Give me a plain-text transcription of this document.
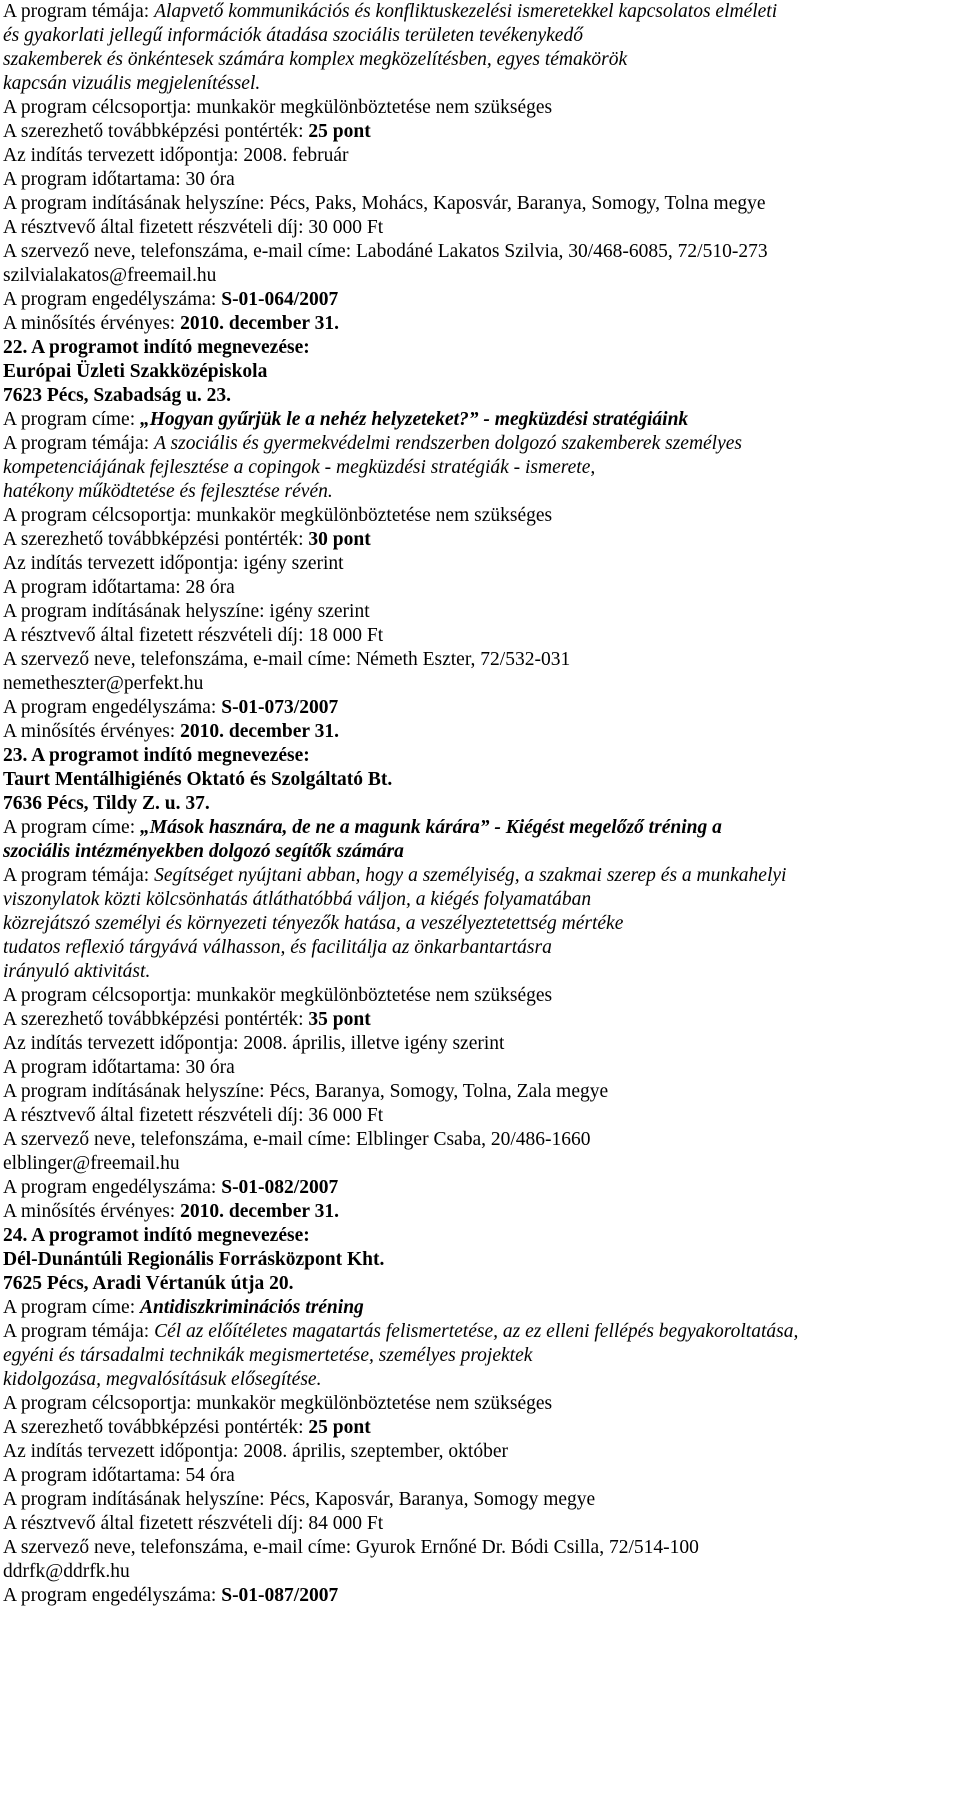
A program témája: Alapvető kommunikációs és konfliktuskezelési ismeretekkel kapcsolatos elméleti
és gyakorlati jellegű információk átadása szociális területen tevékenykedő
szakemberek és önkéntesek számára komplex megközelítésben, egyes témakörök
kapcsán vizuális megjelenítéssel.
A program célcsoportja: munkakör megkülönböztetése nem szükséges
A szerezhető továbbképzési pontérték: 25 pont
Az indítás tervezett időpontja: 2008. február
A program időtartama: 30 óra
A program indításának helyszíne: Pécs, Paks, Mohács, Kaposvár, Baranya, Somogy, Tolna megye
A résztvevő által fizetett részvételi díj: 30 000 Ft
A szervező neve, telefonszáma, e-mail címe: Labodáné Lakatos Szilvia, 30/468-6085, 72/510-273
szilvialakatos@freemail.hu
A program engedélyszáma: S-01-064/2007
A minősítés érvényes: 2010. december 31.
22. A programot indító megnevezése:
Európai Üzleti Szakközépiskola
7623 Pécs, Szabadság u. 23.
A program címe: „Hogyan gyűrjük le a nehéz helyzeteket?” - megküzdési stratégiáink
A program témája: A szociális és gyermekvédelmi rendszerben dolgozó szakemberek személyes
kompetenciájának fejlesztése a copingok - megküzdési stratégiák - ismerete,
hatékony működtetése és fejlesztése révén.
A program célcsoportja: munkakör megkülönböztetése nem szükséges
A szerezhető továbbképzési pontérték: 30 pont
Az indítás tervezett időpontja: igény szerint
A program időtartama: 28 óra
A program indításának helyszíne: igény szerint
A résztvevő által fizetett részvételi díj: 18 000 Ft
A szervező neve, telefonszáma, e-mail címe: Németh Eszter, 72/532-031
nemetheszter@perfekt.hu
A program engedélyszáma: S-01-073/2007
A minősítés érvényes: 2010. december 31.
23. A programot indító megnevezése:
Taurt Mentálhigiénés Oktató és Szolgáltató Bt.
7636 Pécs, Tildy Z. u. 37.
A program címe: „Mások hasznára, de ne a magunk kárára” - Kiégést megelőző tréning a
szociális intézményekben dolgozó segítők számára
A program témája: Segítséget nyújtani abban, hogy a személyiség, a szakmai szerep és a munkahelyi
viszonylatok közti kölcsönhatás átláthatóbbá váljon, a kiégés folyamatában
közrejátszó személyi és környezeti tényezők hatása, a veszélyeztetettség mértéke
tudatos reflexió tárgyává válhasson, és facilitálja az önkarbantartásra
irányuló aktivitást.
A program célcsoportja: munkakör megkülönböztetése nem szükséges
A szerezhető továbbképzési pontérték: 35 pont
Az indítás tervezett időpontja: 2008. április, illetve igény szerint
A program időtartama: 30 óra
A program indításának helyszíne: Pécs, Baranya, Somogy, Tolna, Zala megye
A résztvevő által fizetett részvételi díj: 36 000 Ft
A szervező neve, telefonszáma, e-mail címe: Elblinger Csaba, 20/486-1660
elblinger@freemail.hu
A program engedélyszáma: S-01-082/2007
A minősítés érvényes: 2010. december 31.
24. A programot indító megnevezése:
Dél-Dunántúli Regionális Forrásközpont Kht.
7625 Pécs, Aradi Vértanúk útja 20.
A program címe: Antidiszkriminációs tréning
A program témája: Cél az előítéletes magatartás felismertetése, az ez elleni fellépés begyakoroltatása,
egyéni és társadalmi technikák megismertetése, személyes projektek
kidolgozása, megvalósításuk elősegítése.
A program célcsoportja: munkakör megkülönböztetése nem szükséges
A szerezhető továbbképzési pontérték: 25 pont
Az indítás tervezett időpontja: 2008. április, szeptember, október
A program időtartama: 54 óra
A program indításának helyszíne: Pécs, Kaposvár, Baranya, Somogy megye
A résztvevő által fizetett részvételi díj: 84 000 Ft
A szervező neve, telefonszáma, e-mail címe: Gyurok Ernőné Dr. Bódi Csilla, 72/514-100
ddrfk@ddrfk.hu
A program engedélyszáma: S-01-087/2007
